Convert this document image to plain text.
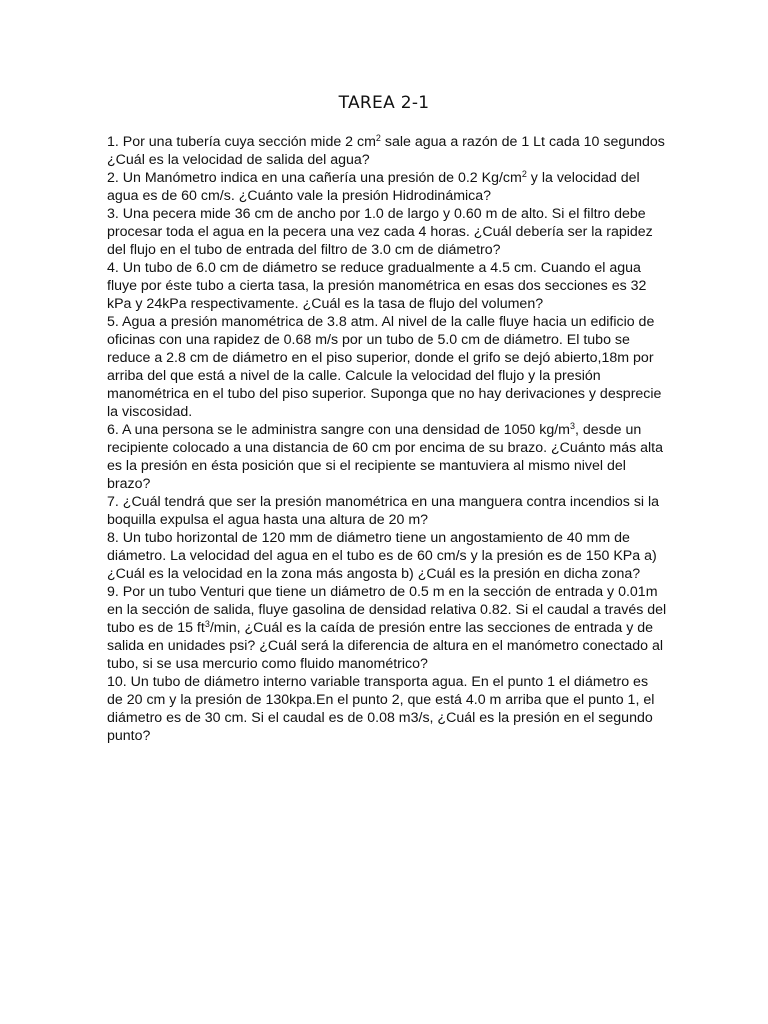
TAREA 2-1

1. Por una tubería cuya sección mide 2 $cm^2$ sale agua a razón de 1 Lt cada 10 segundos ¿Cuál es la velocidad de salida del agua?

2. Un Manómetro indica en una cañería una presión de 0.2 $Kg/cm^2$ y la velocidad del agua es de 60 cm/s. ¿Cuánto vale la presión Hidrodinámica?

3. Una pecera mide 36 cm de ancho por 1.0 de largo y 0.60 m de alto. Si el filtro debe procesar toda el agua en la pecera una vez cada 4 horas. ¿Cuál debería ser la rapidez del flujo en el tubo de entrada del filtro de 3.0 cm de diámetro?

4. Un tubo de 6.0 cm de diámetro se reduce gradualmente a 4.5 cm. Cuando el agua fluye por éste tubo a cierta tasa, la presión manométrica en esas dos secciones es 32 kPa y 24kPa respectivamente. ¿Cuál es la tasa de flujo del volumen?

5. Agua a presión manométrica de 3.8 atm. Al nivel de la calle fluye hacia un edificio de oficinas con una rapidez de 0.68 m/s por un tubo de 5.0 cm de diámetro. El tubo se reduce a 2.8 cm de diámetro en el piso superior, donde el grifo se dejó abierto,18m por arriba del que está a nivel de la calle. Calcule la velocidad del flujo y la presión manométrica en el tubo del piso superior. Suponga que no hay derivaciones y desprecie la viscosidad.

6. A una persona se le administra sangre con una densidad de 1050 $kg/m^3$, desde un recipiente colocado a una distancia de 60 cm por encima de su brazo. ¿Cuánto más alta es la presión en ésta posición que si el recipiente se mantuviera al mismo nivel del brazo?

7. ¿Cuál tendrá que ser la presión manométrica en una manguera contra incendios si la boquilla expulsa el agua hasta una altura de 20 m?

8. Un tubo horizontal de 120 mm de diámetro tiene un angostamiento de 40 mm de diámetro. La velocidad del agua en el tubo es de 60 cm/s y la presión es de 150 KPa a) ¿Cuál es la velocidad en la zona más angosta b) ¿Cuál es la presión en dicha zona?

9. Por un tubo Venturi que tiene un diámetro de 0.5 m en la sección de entrada y 0.01m en la sección de salida, fluye gasolina de densidad relativa 0.82. Si el caudal a través del tubo es de 15 $ft^3/\min$, ¿Cuál es la caída de presión entre las secciones de entrada y de salida en unidades psi? ¿Cuál será la diferencia de altura en el manómetro conectado al tubo, si se usa mercurio como fluido manométrico?

10. Un tubo de diámetro interno variable transporta agua. En el punto 1 el diámetro es de 20 cm y la presión de 130kpa.En el punto 2, que está 4.0 m arriba que el punto 1, el diámetro es de 30 cm. Si el caudal es de 0.08 m3/s, ¿Cuál es la presión en el segundo punto?
